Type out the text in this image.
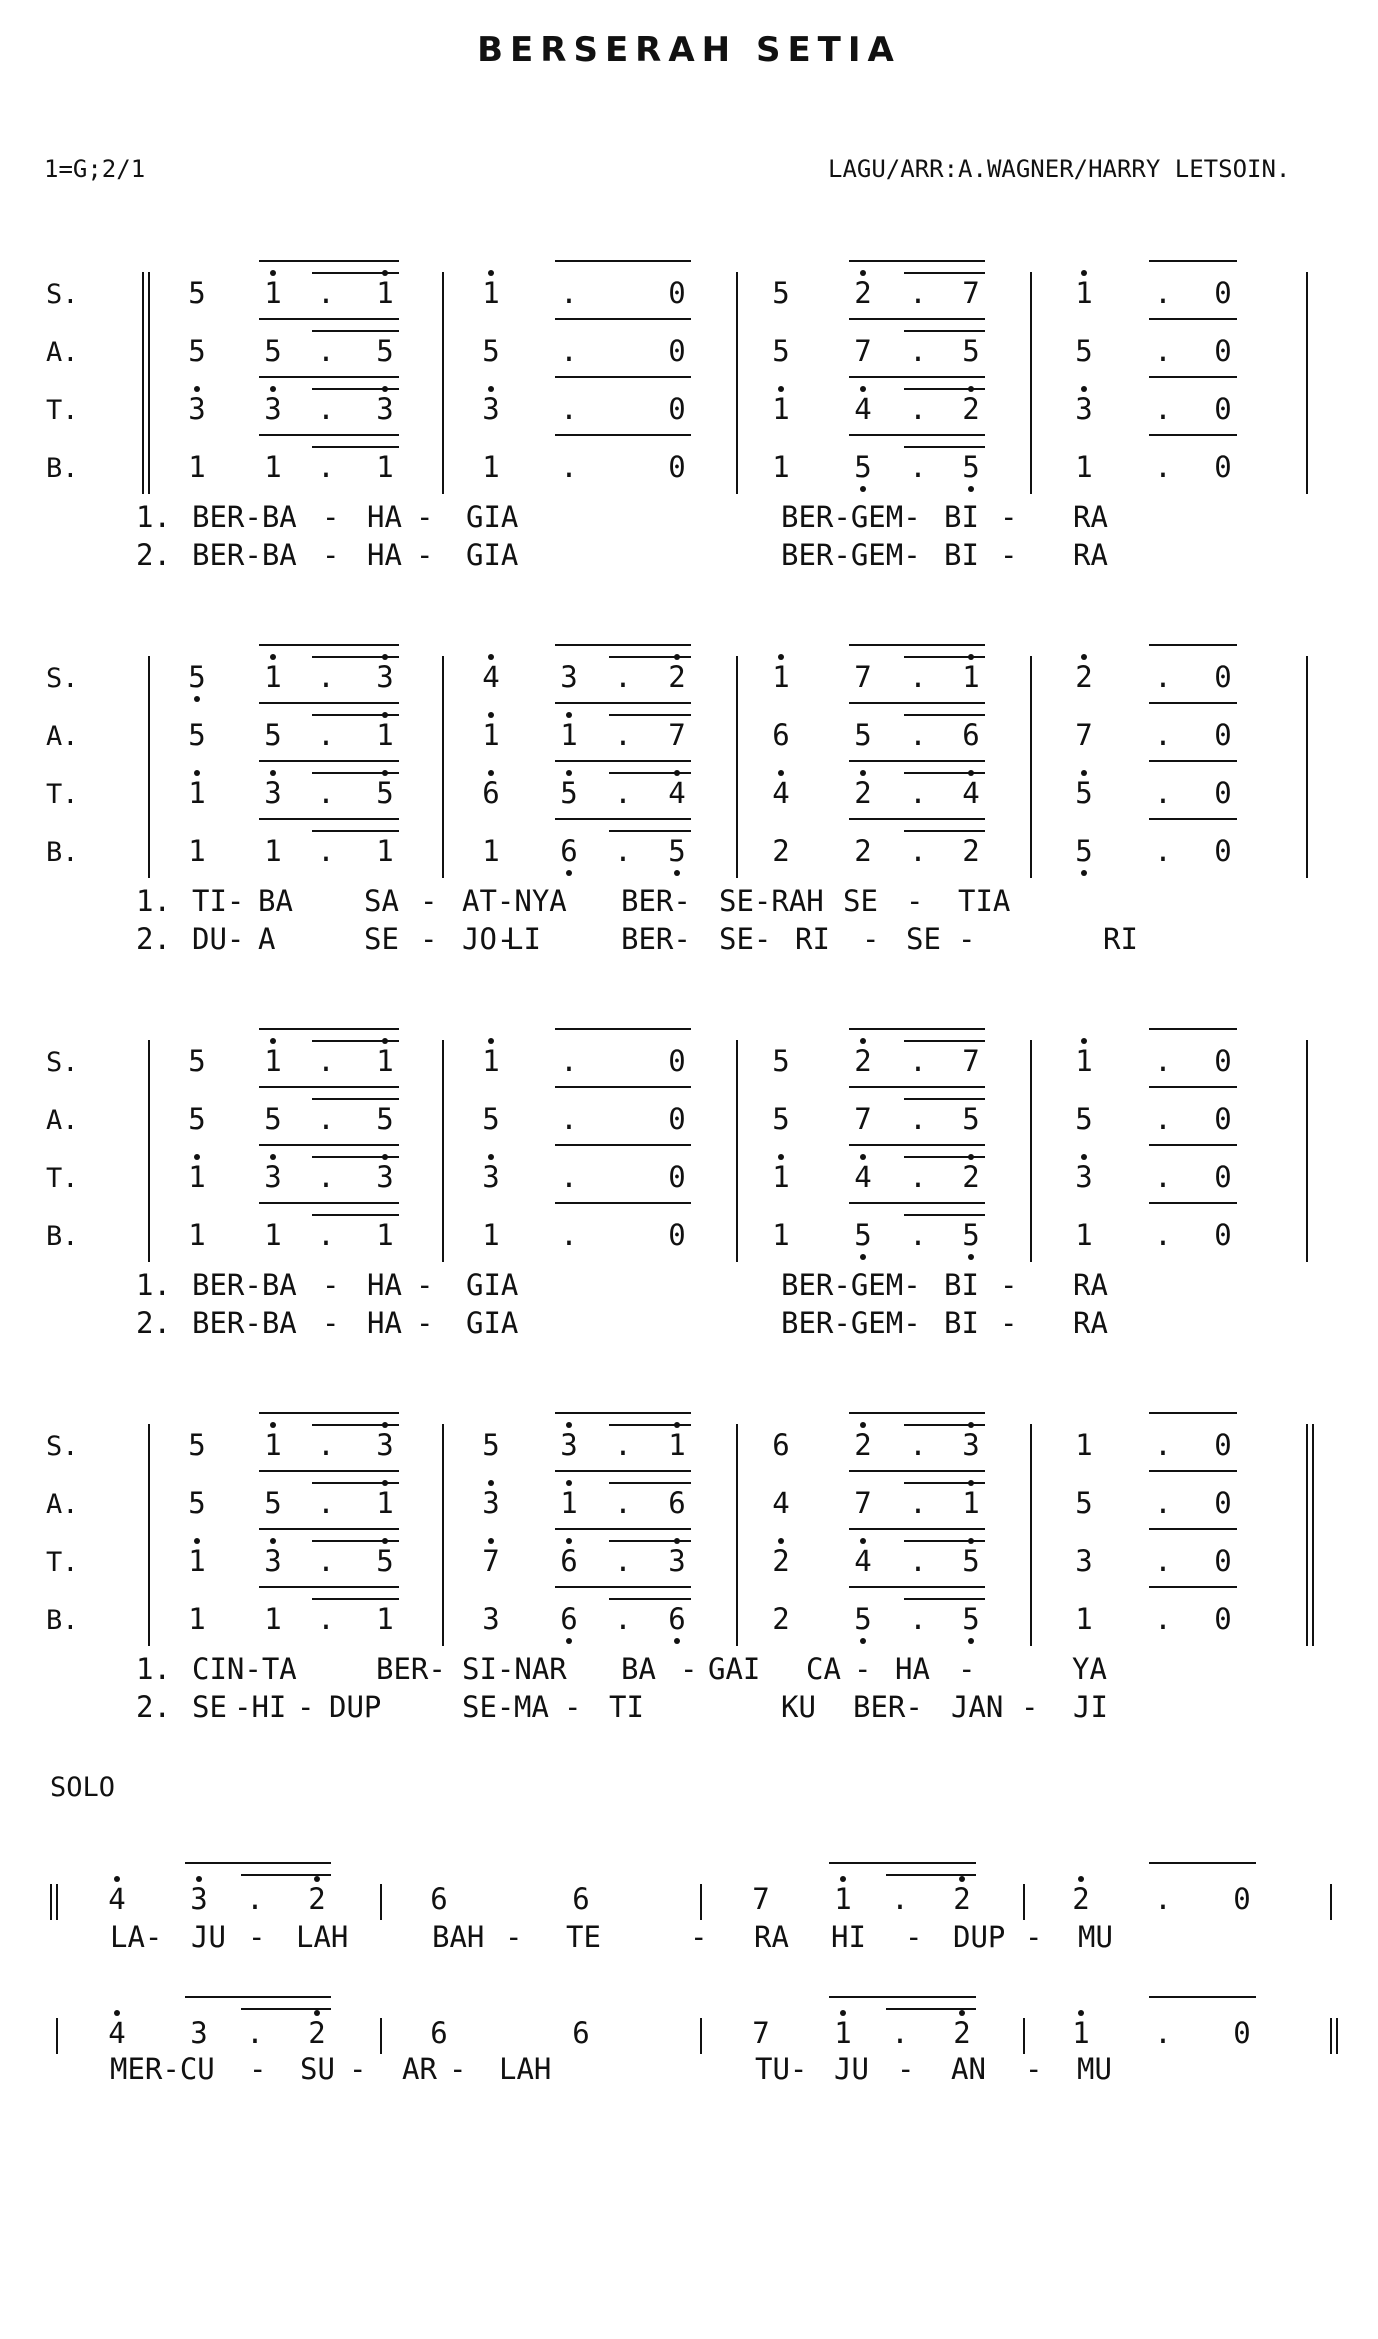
BERSERAH SETIA
1=G;2/1	LAGU/ARR:A.WAGNER/HARRY LETSOIN.
S.	5	1	.	1	1	.	0	5	2	.	7	1	.	0
A.	5	5	.	5	5	.	0	5	7	.	5	5	.	0
T.	3	3	.	3	3	.	0	1	4	.	2	3	.	0
B.	1	1	.	1	1	.	0	1	5	.	5	1	.	0
1. BER-BA - HA - GIA	BER-GEM- BI - RA
2. BER-BA - HA - GIA	BER-GEM- BI - RA
S.	5	1	.	3	4	3	.	2	1	7	.	1	2	.	0
A.	5	5	.	1	1	1	.	7	6	5	.	6	7	.	0
T.	1	3	.	5	6	5	.	4	4	2	.	4	5	.	0
B.	1	1	.	1	1	6	.	5	2	2	.	2	5	.	0
1. TI- BA SA - AT-NYA BER- SE-RAH SE - TIA
2. DU- A	SE - JO-
LI	BER- SE- RI - SE -	RI
S.	5	1	.	1	1	.	0	5	2	.	7	1	.	0
A.	5	5	.	5	5	.	0	5	7	.	5	5	.	0
T.	1	3	.	3	3	.	0	1	4	.	2	3	.	0
B.	1	1	.	1	1	.	0	1	5	.	5	1	.	0
1. BER-BA - HA - GIA	BER-GEM- BI - RA
2. BER-BA - HA - GIA	BER-GEM- BI - RA
S.	5	1	.	3	5	3	.	1	6	2	.	3	1	.	0
A.	5	5	.	1	3	1	.	6	4	7	.	1	5	.	0
T.	1	3	.	5	7	6	.	3	2	4	.	5	3	.	0
B.	1	1	.	1	3	6	.	6	2	5	.	5	1	.	0
1. CIN-TA	BER- SI-NAR BA - GAI CA - HA -	YA
2. SE -HI - DUP	SE- MA - TI	KU BER- JAN - JI
SOLO
4	3	.	2	6	6	7	1	.	2	2	.	0
LA- JU - LAH	BAH - TE	- RA HI - DUP - MU
4	3	.	2	6	6	7	1	.	2	1	.	0
MER-CU - SU - AR - LAH	TU- JU - AN - MU
